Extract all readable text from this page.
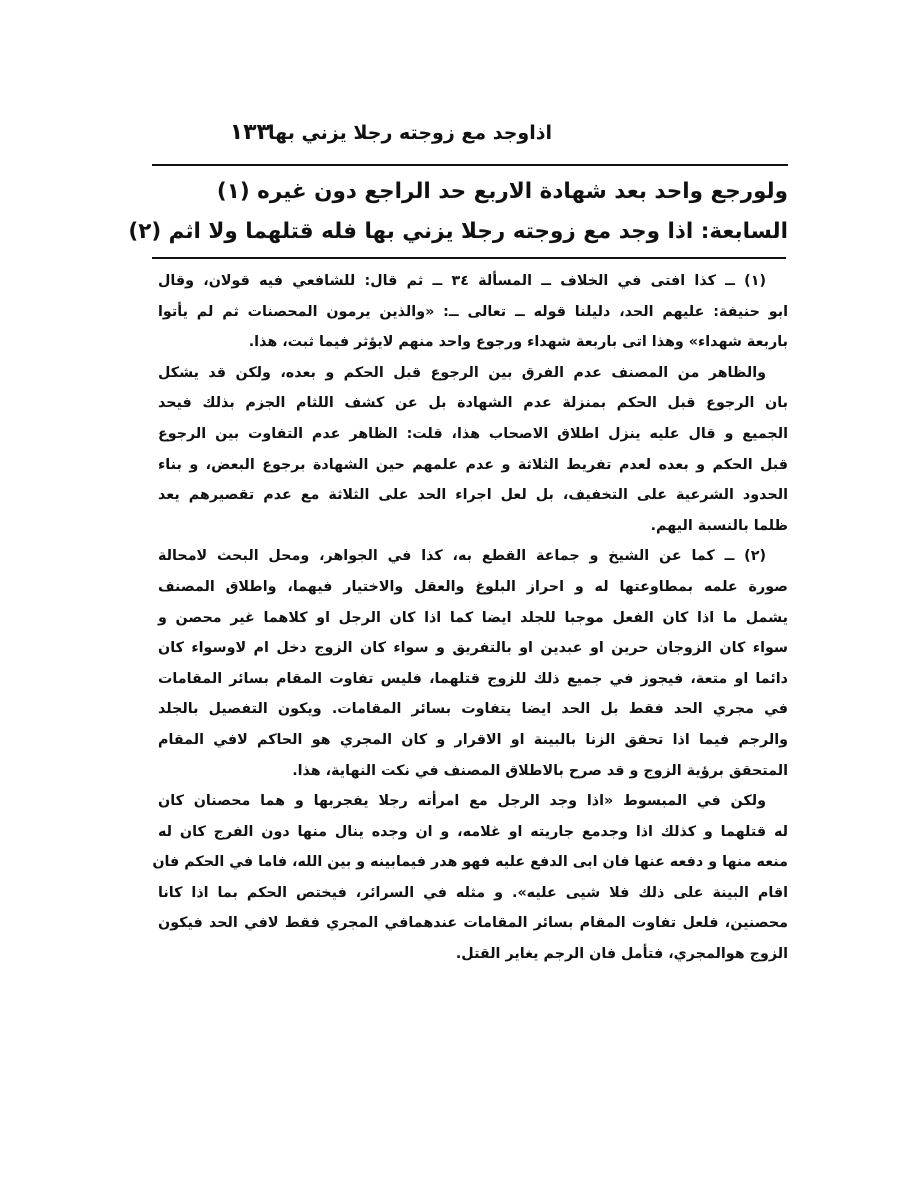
اذاوجد مع زوجته رجلا يزني بها
١٣٣
ولورجع واحد بعد شهادة الاربع حد الراجع دون غيره (١)
السابعة: اذا وجد مع زوجته رجلا يزني بها فله قتلهما ولا اثم (٢)
(١) ــ كذا افتى في الخلاف ــ المسألة ٣٤ ــ ثم قال: للشافعي فيه قولان، وقال
ابو حنيفة: عليهم الحد، دليلنا قوله ــ تعالى ــ: «والذين يرمون المحصنات ثم لم يأتوا
باربعة شهداء» وهذا اتى باربعة شهداء ورجوع واحد منهم لايؤثر فيما ثبت، هذا.
والظاهر من المصنف عدم الفرق بين الرجوع قبل الحكم و بعده، ولكن قد يشكل
بان الرجوع قبل الحكم بمنزلة عدم الشهادة بل عن كشف اللثام الجزم بذلك فيحد
الجميع و قال عليه ينزل اطلاق الاصحاب هذا، قلت: الظاهر عدم التفاوت بين الرجوع
قبل الحكم و بعده لعدم تفريط الثلاثة و عدم علمهم حين الشهادة برجوع البعض، و بناء
الحدود الشرعية على التخفيف، بل لعل اجراء الحد على الثلاثة مع عدم تقصيرهم يعد
ظلما بالنسبة اليهم.
(٢) ــ كما عن الشيخ و جماعة القطع به، كذا في الجواهر، ومحل البحث لامحالة
صورة علمه بمطاوعتها له و احراز البلوغ والعقل والاختيار فيهما، واطلاق المصنف
يشمل ما اذا كان الفعل موجبا للجلد ايضا كما اذا كان الرجل او كلاهما غير محصن و
سواء كان الزوجان حرين او عبدين او بالتفريق و سواء كان الزوج دخل ام لاوسواء كان
دائما او متعة، فيجوز في جميع ذلك للزوج قتلهما، فليس تفاوت المقام بسائر المقامات
في مجري الحد فقط بل الحد ايضا يتفاوت بسائر المقامات. ويكون التفصيل بالجلد
والرجم فيما اذا تحقق الزنا بالبينة او الاقرار و كان المجري هو الحاكم لافي المقام
المتحقق برؤية الزوج و قد صرح بالاطلاق المصنف في نكت النهاية، هذا.
ولكن في المبسوط «اذا وجد الرجل مع امرأته رجلا يفجربها و هما محصنان كان
له قتلهما و كذلك اذا وجدمع جاريته او غلامه، و ان وجده ينال منها دون الفرج كان له
منعه منها و دفعه عنها فان ابى الدفع عليه فهو هدر فيمابينه و بين الله، فاما في الحكم فان
اقام البينة على ذلك فلا شيى عليه». و مثله في السرائر، فيختص الحكم بما اذا كانا
محصنين، فلعل تفاوت المقام بسائر المقامات عندهمافي المجري فقط لافي الحد فيكون
الزوج هوالمجري، فتأمل فان الرجم يغاير القتل.
